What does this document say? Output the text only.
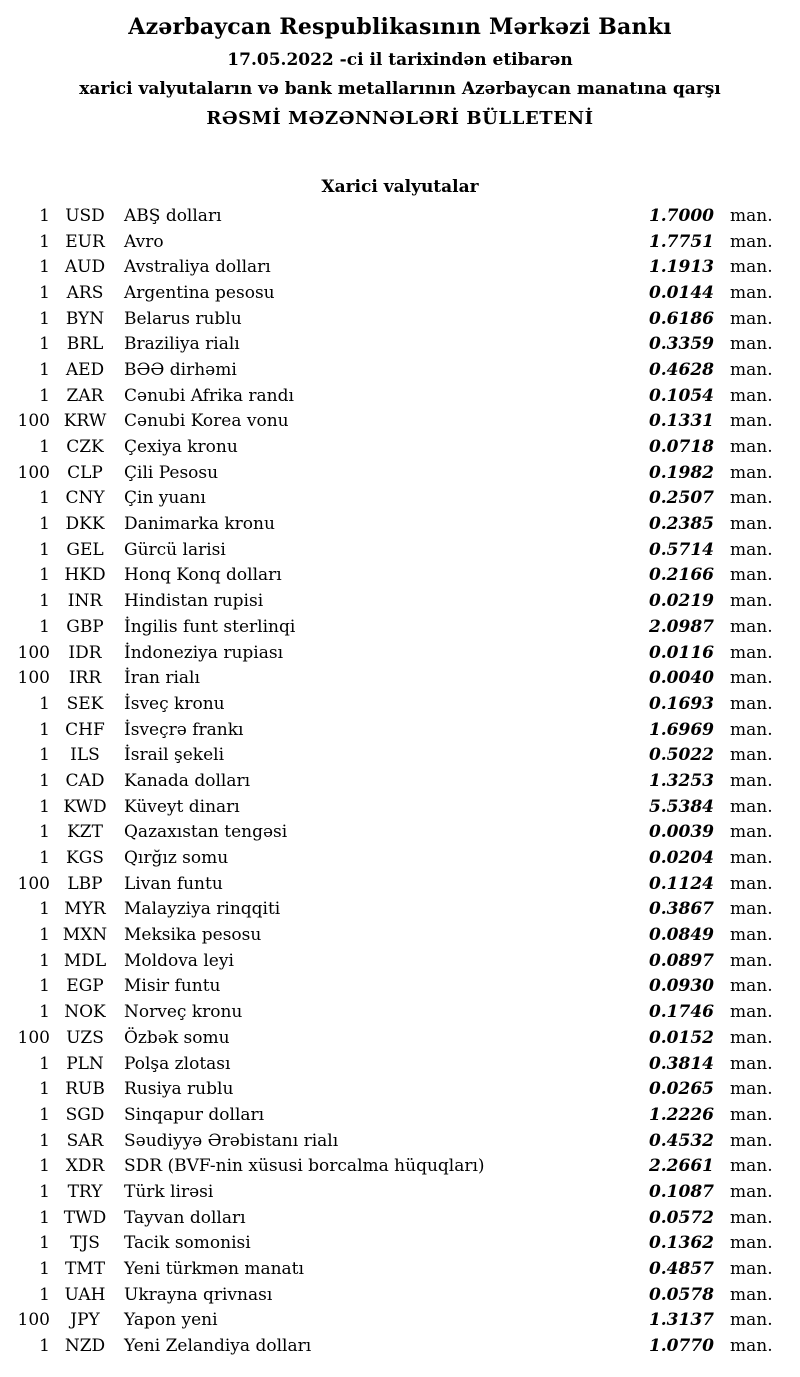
Azərbaycan Respublikasının Mərkəzi Bankı
17.05.2022 -ci il tarixindən etibarən
xarici valyutaların və bank metallarının Azərbaycan manatına qarşı
RƏSMİ MƏZƏNNƏLƏRİ BÜLLETENİ
Xarici valyutalar
1	USD	ABŞ dolları	1.7000	man.
1	EUR	Avro	1.7751	man.
1	AUD	Avstraliya dolları	1.1913	man.
1	ARS	Argentina pesosu	0.0144	man.
1	BYN	Belarus rublu	0.6186	man.
1	BRL	Braziliya rialı	0.3359	man.
1	AED	BƏƏ dirhəmi	0.4628	man.
1	ZAR	Cənubi Afrika randı	0.1054	man.
100	KRW	Cənubi Korea vonu	0.1331	man.
1	CZK	Çexiya kronu	0.0718	man.
100	CLP	Çili Pesosu	0.1982	man.
1	CNY	Çin yuanı	0.2507	man.
1	DKK	Danimarka kronu	0.2385	man.
1	GEL	Gürcü larisi	0.5714	man.
1	HKD	Honq Konq dolları	0.2166	man.
1	INR	Hindistan rupisi	0.0219	man.
1	GBP	İngilis funt sterlinqi	2.0987	man.
100	IDR	İndoneziya rupiası	0.0116	man.
100	IRR	İran rialı	0.0040	man.
1	SEK	İsveç kronu	0.1693	man.
1	CHF	İsveçrə frankı	1.6969	man.
1	ILS	İsrail şekeli	0.5022	man.
1	CAD	Kanada dolları	1.3253	man.
1	KWD	Küveyt dinarı	5.5384	man.
1	KZT	Qazaxıstan tengəsi	0.0039	man.
1	KGS	Qırğız somu	0.0204	man.
100	LBP	Livan funtu	0.1124	man.
1	MYR	Malayziya rinqqiti	0.3867	man.
1	MXN	Meksika pesosu	0.0849	man.
1	MDL	Moldova leyi	0.0897	man.
1	EGP	Misir funtu	0.0930	man.
1	NOK	Norveç kronu	0.1746	man.
100	UZS	Özbək somu	0.0152	man.
1	PLN	Polşa zlotası	0.3814	man.
1	RUB	Rusiya rublu	0.0265	man.
1	SGD	Sinqapur dolları	1.2226	man.
1	SAR	Səudiyyə Ərəbistanı rialı	0.4532	man.
1	XDR	SDR (BVF-nin xüsusi borcalma hüquqları)	2.2661	man.
1	TRY	Türk lirəsi	0.1087	man.
1	TWD	Tayvan dolları	0.0572	man.
1	TJS	Tacik somonisi	0.1362	man.
1	TMT	Yeni türkmən manatı	0.4857	man.
1	UAH	Ukrayna qrivnası	0.0578	man.
100	JPY	Yapon yeni	1.3137	man.
1	NZD	Yeni Zelandiya dolları	1.0770	man.
